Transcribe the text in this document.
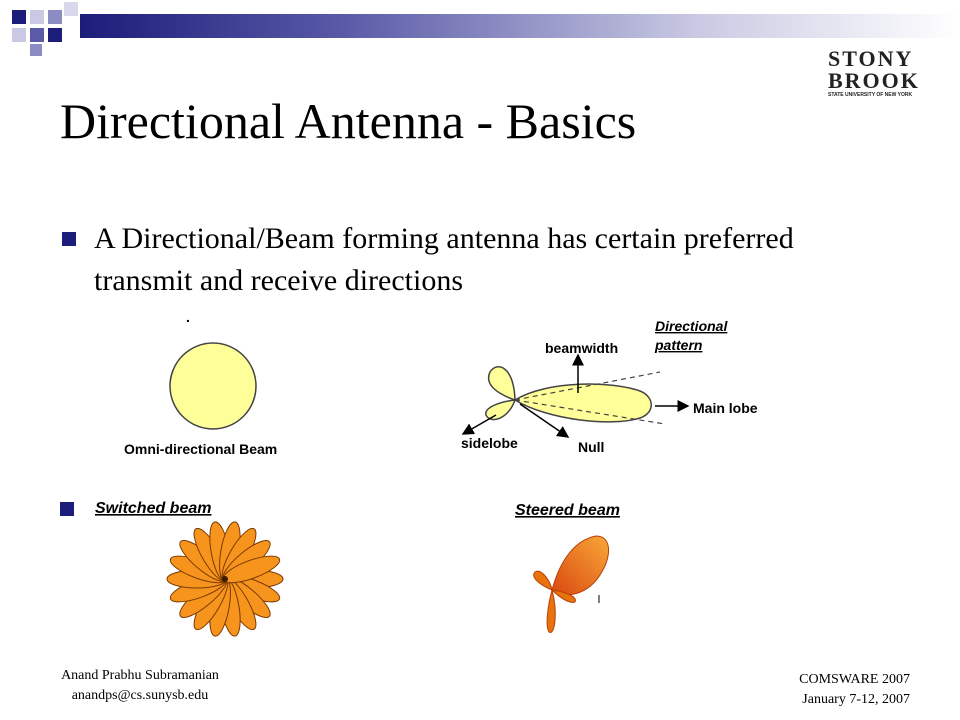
STONY
BROOK
STATE UNIVERSITY OF NEW YORK
Directional Antenna - Basics
A Directional/Beam forming antenna has certain preferred transmit and receive directions
.
Omni-directional Beam
beamwidth
Directional
pattern
Main lobe
sidelobe	Null
Switched beam	Steered beam
Anand Prabhu Subramanian
anandps@cs.sunysb.edu
COMSWARE 2007
January 7-12, 2007
